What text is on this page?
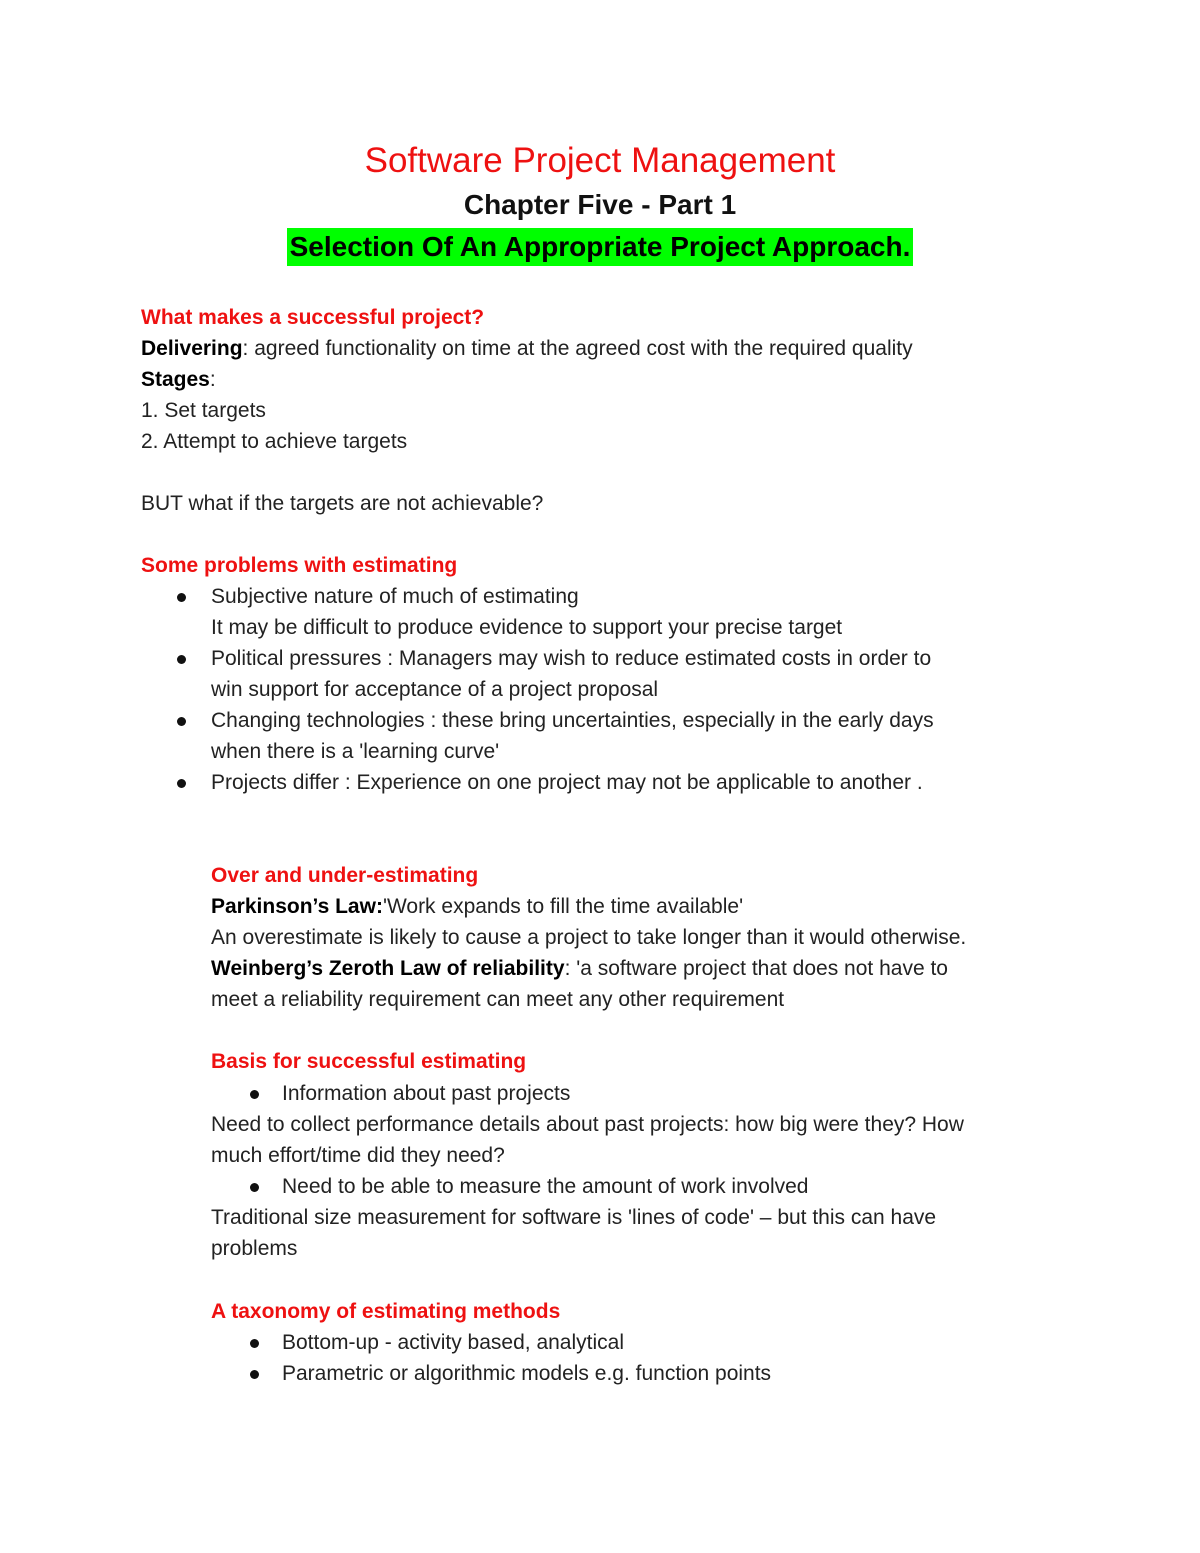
Software Project Management
Chapter Five - Part 1
Selection Of An Appropriate Project Approach.
What makes a successful project?
Delivering: agreed functionality on time at the agreed cost with the required quality
Stages:
1. Set targets
2. Attempt to achieve targets
BUT what if the targets are not achievable?
Some problems with estimating
Subjective nature of much of estimating
It may be difficult to produce evidence to support your precise target
Political pressures : Managers may wish to reduce estimated costs in order to
win support for acceptance of a project proposal
Changing technologies : these bring uncertainties, especially in the early days
when there is a 'learning curve'
Projects differ : Experience on one project may not be applicable to another .
Over and under-estimating
Parkinson’s Law:'Work expands to fill the time available'
An overestimate is likely to cause a project to take longer than it would otherwise.
Weinberg’s Zeroth Law of reliability: 'a software project that does not have to
meet a reliability requirement can meet any other requirement
Basis for successful estimating
Information about past projects
Need to collect performance details about past projects: how big were they? How
much effort/time did they need?
Need to be able to measure the amount of work involved
Traditional size measurement for software is 'lines of code' – but this can have
problems
A taxonomy of estimating methods
Bottom-up - activity based, analytical
Parametric or algorithmic models e.g. function points
